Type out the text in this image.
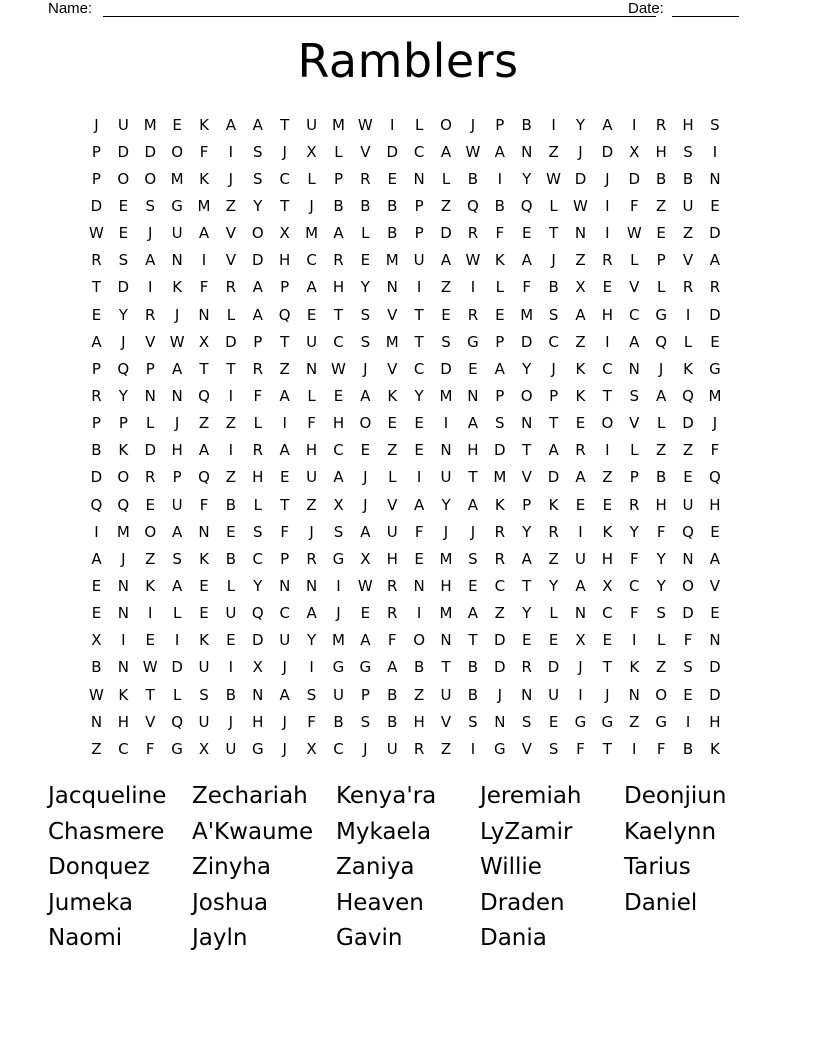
Name:	Date:
Ramblers
J	U M	E	K	A	A	T	U M W	I	L	O	J	P	B	I	Y	A	I	R	H	S
P	D	D	O	F	I	S	J	X	L	V	D	C	A W A	N	Z	J	D	X	H	S	I
P	O	O M	K	J	S	C	L	P	R	E	N	L	B	I	Y W D	J	D	B	B	N
D	E	S	G M	Z	Y	T	J	B	B	B	P	Z	Q	B	Q	L	W	I	F	Z	U	E
W E	J	U	A	V	O	X	M	A	L	B	P	D	R	F	E	T	N	I	W E	Z	D
R	S	A	N	I	V	D	H	C	R	E	M U	A W K	A	J	Z	R	L	P	V	A
T	D	I	K	F	R	A	P	A	H	Y	N	I	Z	I	L	F	B	X	E	V	L	R	R
E	Y	R	J	N	L	A	Q	E	T	S	V	T	E	R	E	M	S	A	H	C	G	I	D
A	J	V W X	D	P	T	U	C	S	M	T	S	G	P	D	C	Z	I	A	Q	L	E
P	Q	P	A	T	T	R	Z	N W	J	V	C	D	E	A	Y	J	K	C	N	J	K	G
R	Y	N	N	Q	I	F	A	L	E	A	K	Y	M N	P	O	P	K	T	S	A	Q M
P	P	L	J	Z	Z	L	I	F	H	O	E	E	I	A	S	N	T	E	O	V	L	D	J
B	K	D	H	A	I	R	A	H	C	E	Z	E	N	H	D	T	A	R	I	L	Z	Z	F
D	O	R	P	Q	Z	H	E	U	A	J	L	I	U	T	M	V	D	A	Z	P	B	E	Q
Q	Q	E	U	F	B	L	T	Z	X	J	V	A	Y	A	K	P	K	E	E	R	H	U	H
I	M O	A	N	E	S	F	J	S	A	U	F	J	J	R	Y	R	I	K	Y	F	Q	E
A	J	Z	S	K	B	C	P	R	G	X	H	E	M	S	R	A	Z	U	H	F	Y	N	A
E	N	K	A	E	L	Y	N	N	I	W R	N	H	E	C	T	Y	A	X	C	Y	O	V
E	N	I	L	E	U	Q	C	A	J	E	R	I	M	A	Z	Y	L	N	C	F	S	D	E
X	I	E	I	K	E	D	U	Y	M	A	F	O	N	T	D	E	E	X	E	I	L	F	N
B	N W D	U	I	X	J	I	G	G	A	B	T	B	D	R	D	J	T	K	Z	S	D
W K	T	L	S	B	N	A	S	U	P	B	Z	U	B	J	N	U	I	J	N	O	E	D
N	H	V	Q	U	J	H	J	F	B	S	B	H	V	S	N	S	E	G	G	Z	G	I	H
Z	C	F	G	X	U	G	J	X	C	J	U	R	Z	I	G	V	S	F	T	I	F	B	K
Jacqueline	Zechariah	Kenya'ra	Jeremiah	Deonjiun
Chasmere	A'Kwaume Mykaela	LyZamir	Kaelynn
Donquez	Zinyha	Zaniya	Willie	Tarius
Jumeka	Joshua	Heaven	Draden	Daniel
Naomi	Jayln	Gavin	Dania
